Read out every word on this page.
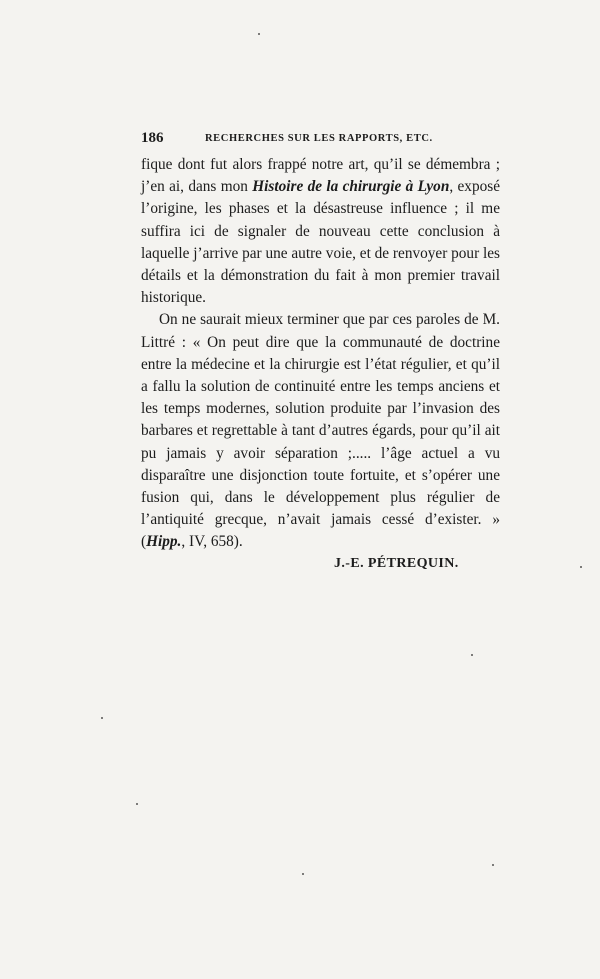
186	RECHERCHES SUR LES RAPPORTS, ETC.

fique dont fut alors frappé notre art, qu’il se démembra ; j’en ai, dans mon Histoire de la chirurgie à Lyon, exposé l’origine, les phases et la désastreuse influence ; il me suffira ici de signaler de nouveau cette conclusion à laquelle j’arrive par une autre voie, et de renvoyer pour les détails et la démonstration du fait à mon premier travail historique.

On ne saurait mieux terminer que par ces paroles de M. Littré : « On peut dire que la communauté de doctrine entre la médecine et la chirurgie est l’état régulier, et qu’il a fallu la solution de continuité entre les temps anciens et les temps modernes, solution produite par l’invasion des barbares et regrettable à tant d’autres égards, pour qu’il ait pu jamais y avoir séparation ;..... l’âge actuel a vu disparaître une disjonction toute fortuite, et s’opérer une fusion qui, dans le développement plus régulier de l’antiquité grecque, n’avait jamais cessé d’exister. » (Hipp., IV, 658).

J.-E. PÉTREQUIN.
